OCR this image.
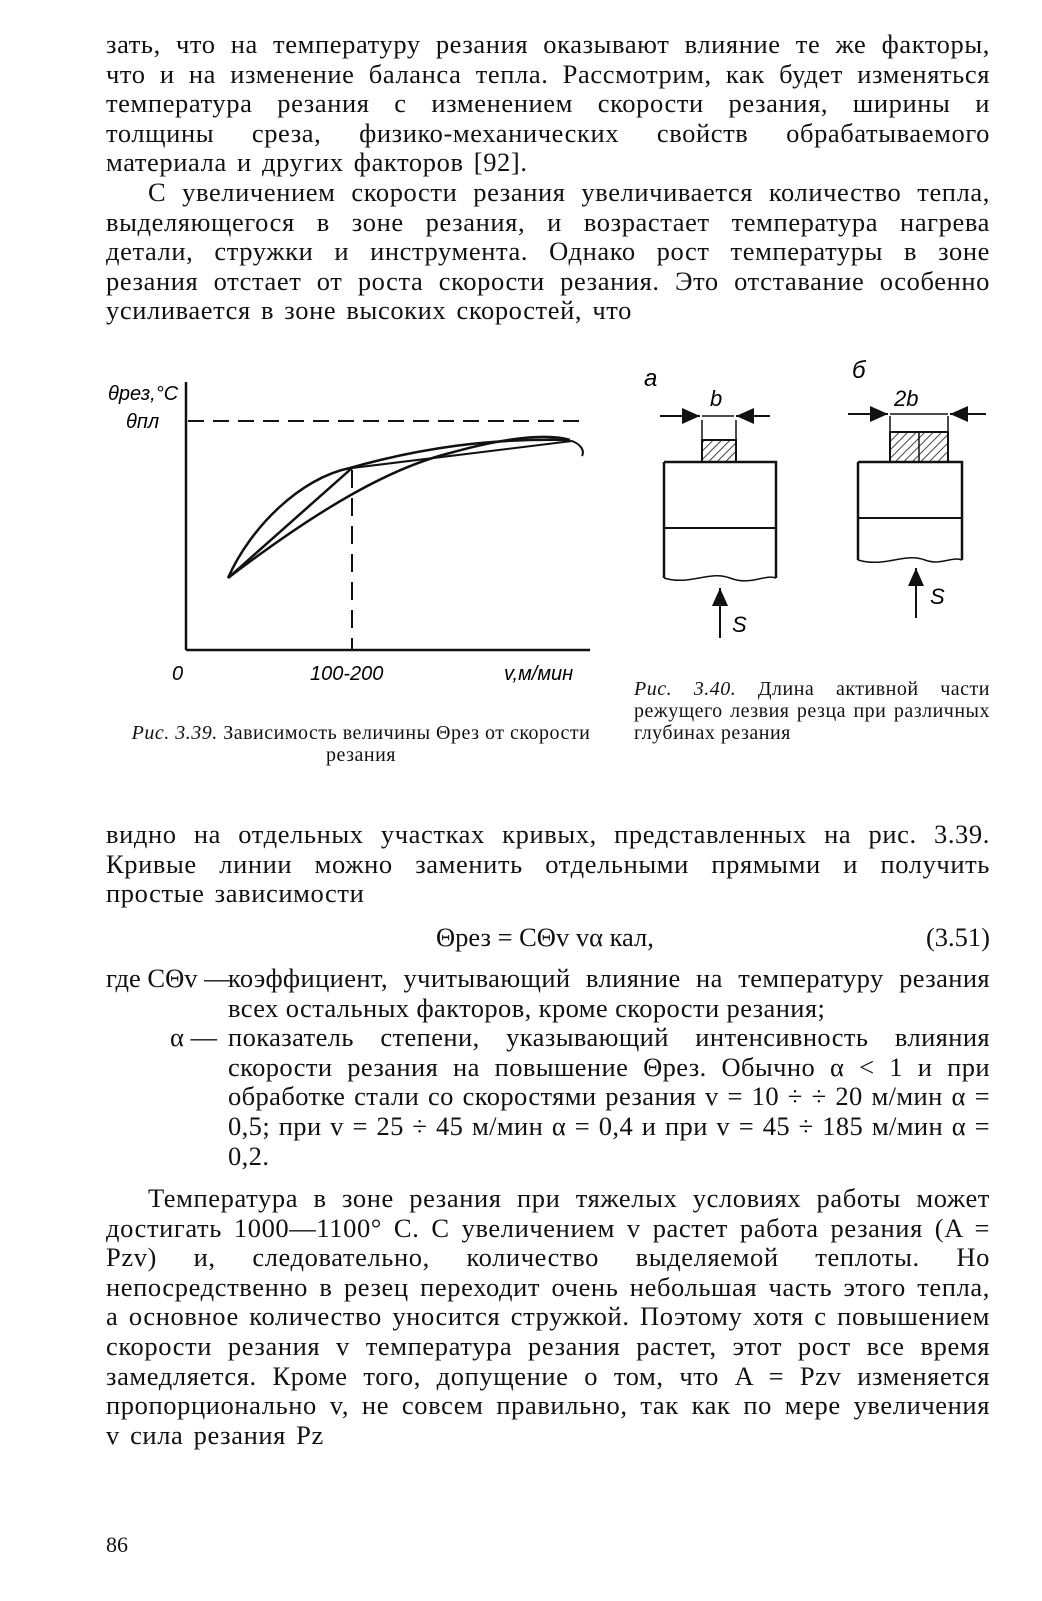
зать, что на температуру резания оказывают влияние те же факторы, что и на изменение баланса тепла. Рассмотрим, как будет изменяться температура резания с изменением скорости резания, ширины и толщины среза, физико-механических свойств обрабатываемого материала и других факторов [92].

С увеличением скорости резания увеличивается количество тепла, выделяющегося в зоне резания, и возрастает температура нагрева детали, стружки и инструмента. Однако рост температуры в зоне резания отстает от роста скорости резания. Это отставание особенно усиливается в зоне высоких скоростей, что

θрез,°С
θпл
0	100-200	v,м/мин
Рис. 3.39. Зависимость величины Θрез от скорости резания
а
b
S
б
2b
S
Рис. 3.40. Длина активной части режущего лезвия резца при различных глубинах резания

видно на отдельных участках кривых, представленных на рис. 3.39. Кривые линии можно заменить отдельными прямыми и получить простые зависимости

Θрез = CΘv vα кал,	(3.51)
где CΘv —
коэффициент, учитывающий влияние на температуру резания всех остальных факторов, кроме скорости резания;
α — показатель степени, указывающий интенсивность влияния скорости резания на повышение Θрез. Обычно α < 1 и при обработке стали со скоростями резания v = 10 ÷ ÷ 20 м/мин α = 0,5; при v = 25 ÷ 45 м/мин α = 0,4 и при v = 45 ÷ 185 м/мин α = 0,2.

Температура в зоне резания при тяжелых условиях работы может достигать 1000—1100° С. С увеличением v растет работа резания (A = Pzv) и, следовательно, количество выделяемой теплоты. Но непосредственно в резец переходит очень небольшая часть этого тепла, а основное количество уносится стружкой. Поэтому хотя с повышением скорости резания v температура резания растет, этот рост все время замедляется. Кроме того, допущение о том, что A = Pzv изменяется пропорционально v, не совсем правильно, так как по мере увеличения v сила резания Pz

86
